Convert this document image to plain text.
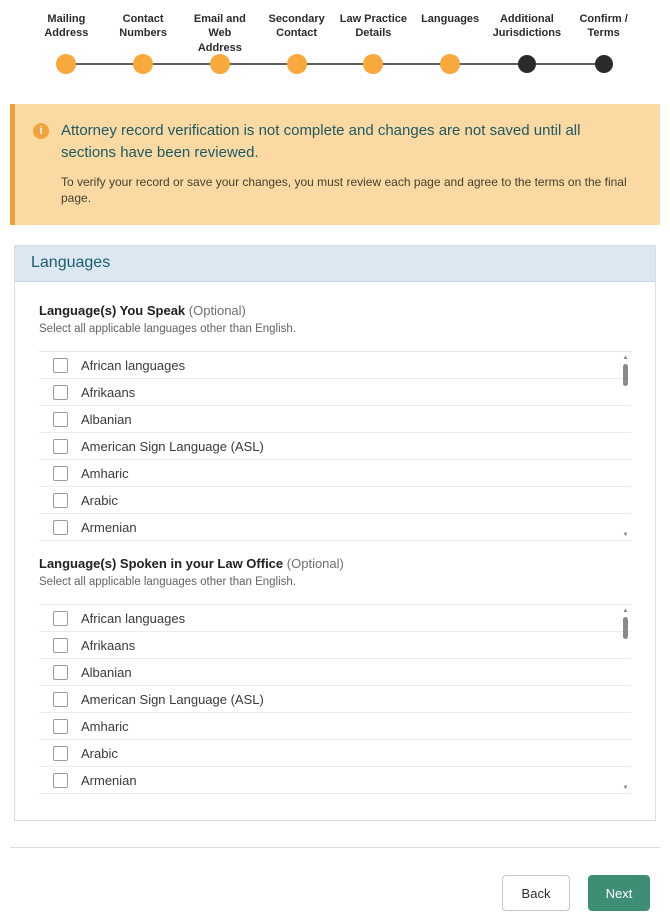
Mailing Address
Contact Numbers
Email and Web Address
Secondary Contact
Law Practice Details
Languages	Additional Jurisdictions
Confirm / Terms
i	Attorney record verification is not complete and changes are not saved until all sections have been reviewed.
To verify your record or save your changes, you must review each page and agree to the terms on the final page.
Languages
Language(s) You Speak (Optional)
Select all applicable languages other than English.
African languages
Afrikaans
Albanian
American Sign Language (ASL)
Amharic
Arabic
Armenian
▲
▼
Language(s) Spoken in your Law Office (Optional)
Select all applicable languages other than English.
African languages
Afrikaans
Albanian
American Sign Language (ASL)
Amharic
Arabic
Armenian
▲
▼
Back	Next
